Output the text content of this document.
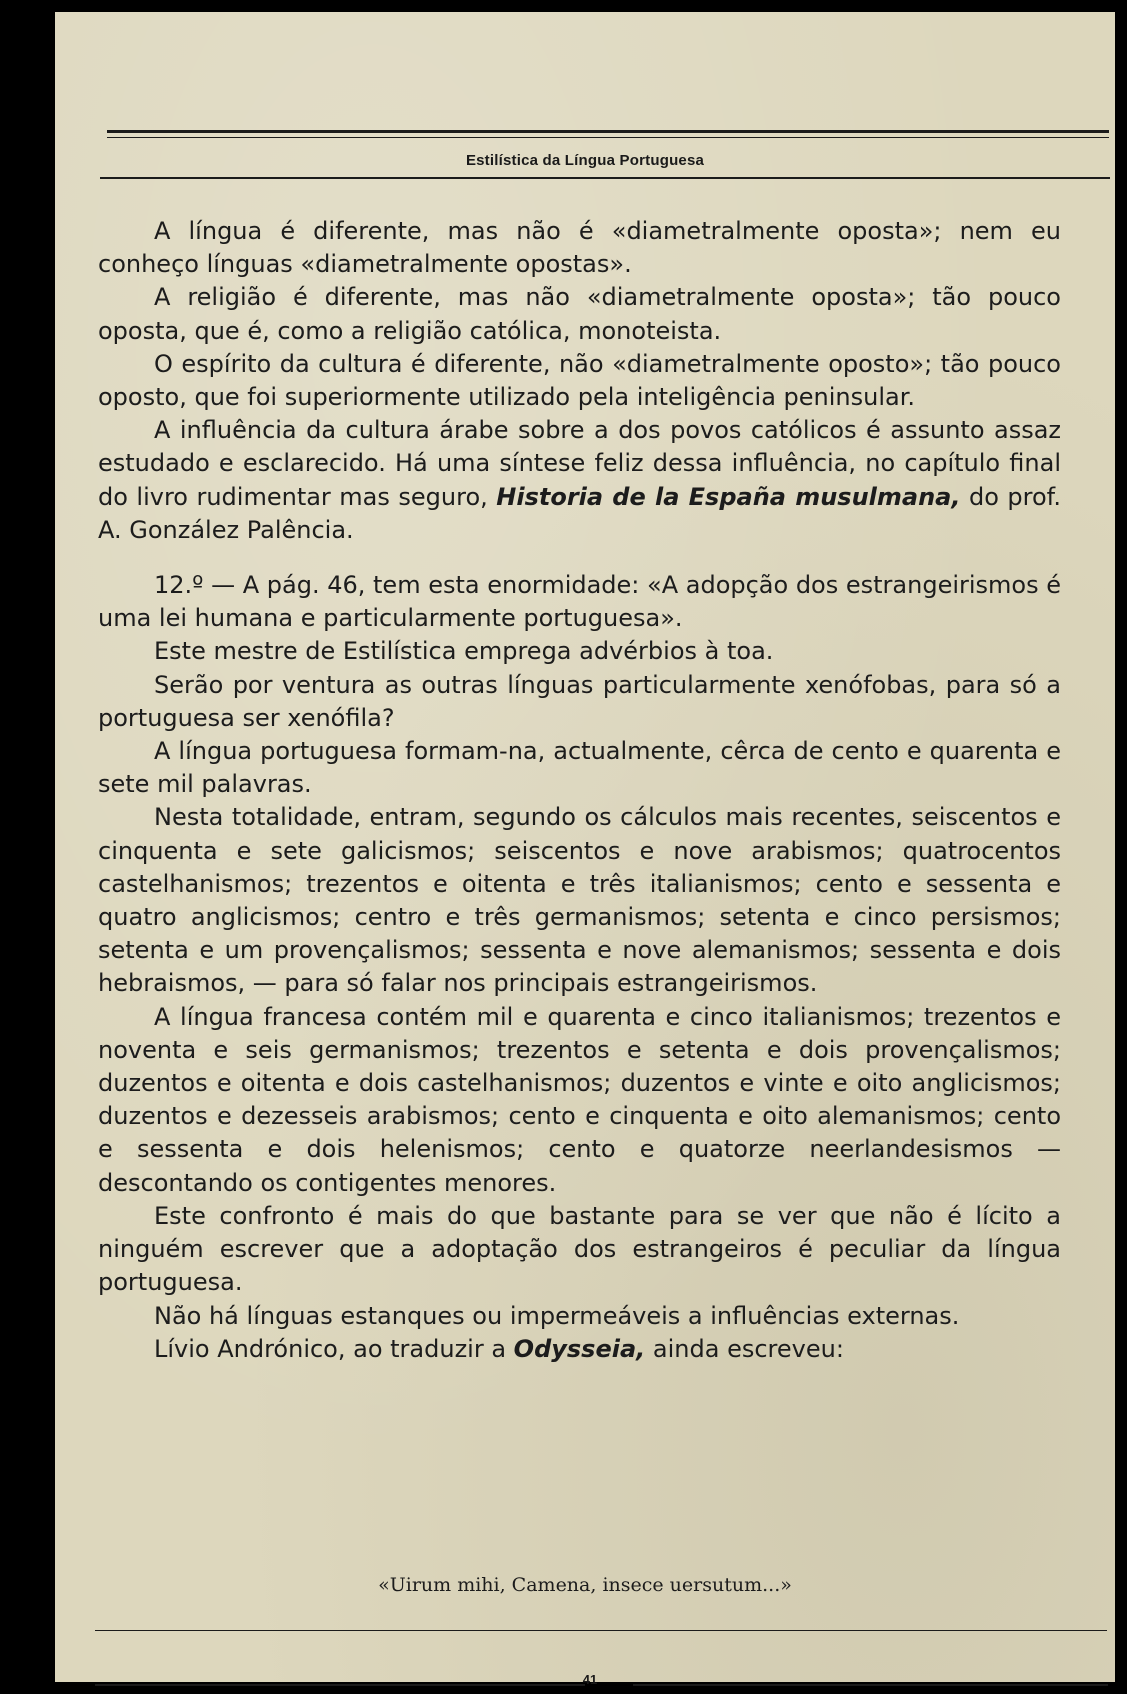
Estilística da Língua Portuguesa

A língua é diferente, mas não é «diametralmente oposta»; nem eu conheço línguas «diametralmente opostas».

A religião é diferente, mas não «diametralmente oposta»; tão pouco oposta, que é, como a religião católica, monoteista.

O espírito da cultura é diferente, não «diametralmente oposto»; tão pouco oposto, que foi superiormente utilizado pela inteligência peninsular.

A influência da cultura árabe sobre a dos povos católicos é assunto assaz estudado e esclarecido. Há uma síntese feliz dessa influência, no capítulo final do livro rudimentar mas seguro, Historia de la España musulmana, do prof. A. González Palência.

12.º — A pág. 46, tem esta enormidade: «A adopção dos estrangeirismos é uma lei humana e particularmente portuguesa».

Este mestre de Estilística emprega advérbios à toa.

Serão por ventura as outras línguas particularmente xenófobas, para só a portuguesa ser xenófila?

A língua portuguesa formam-na, actualmente, cêrca de cento e quarenta e sete mil palavras.

Nesta totalidade, entram, segundo os cálculos mais recentes, seiscentos e cinquenta e sete galicismos; seiscentos e nove arabismos; quatrocentos castelhanismos; trezentos e oitenta e três italianismos; cento e sessenta e quatro anglicismos; centro e três germanismos; setenta e cinco persismos; setenta e um provençalismos; sessenta e nove alemanismos; sessenta e dois hebraismos, — para só falar nos principais estrangeirismos.

A língua francesa contém mil e quarenta e cinco italianismos; trezentos e noventa e seis germanismos; trezentos e setenta e dois provençalismos; duzentos e oitenta e dois castelhanismos; duzentos e vinte e oito anglicismos; duzentos e dezesseis arabismos; cento e cinquenta e oito alemanismos; cento e sessenta e dois helenismos; cento e quatorze neerlandesismos — descontando os contigentes menores.

Este confronto é mais do que bastante para se ver que não é lícito a ninguém escrever que a adoptação dos estrangeiros é peculiar da língua portuguesa.

Não há línguas estanques ou impermeáveis a influências externas.

Lívio Andrónico, ao traduzir a Odysseia, ainda escreveu:

«Uirum mihi, Camena, insece uersutum...»
41
